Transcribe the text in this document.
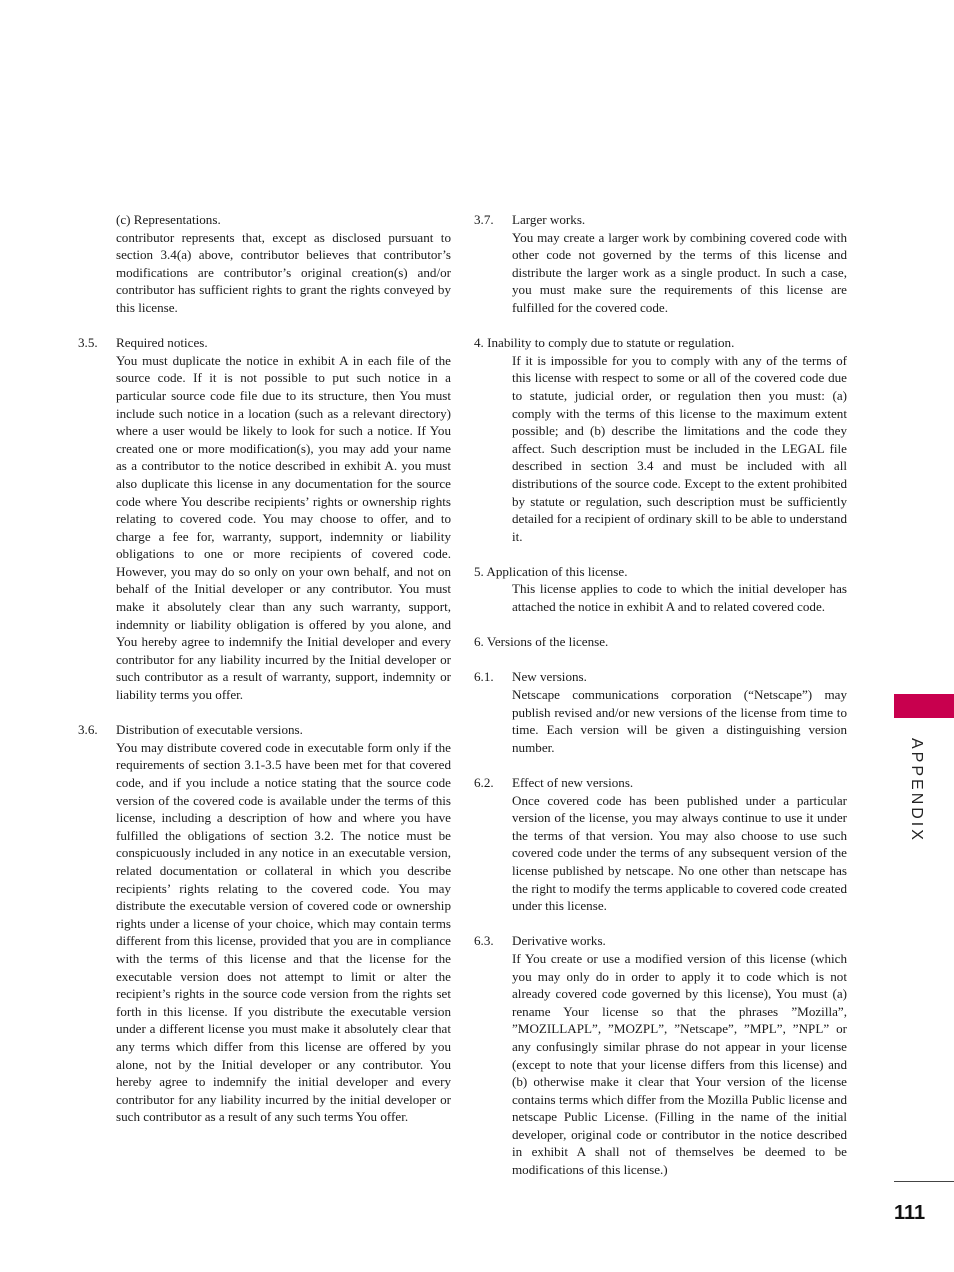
(c) Representations.
contributor represents that, except as disclosed pursuant to section 3.4(a) above, contributor believes that contributor’s modifications are contributor’s original creation(s) and/or contributor has sufficient rights to grant the rights conveyed by this license.
3.5. Required notices.
You must duplicate the notice in exhibit A in each file of the source code. If it is not possible to put such notice in a particular source code file due to its structure, then You must include such notice in a location (such as a relevant directory) where a user would be likely to look for such a notice. If You created one or more modification(s), you may add your name as a contributor to the notice described in exhibit A. you must also duplicate this license in any documentation for the source code where You describe recipients’ rights or ownership rights relating to covered code. You may choose to offer, and to charge a fee for, warranty, support, indemnity or liability obligations to one or more recipients of covered code. However, you may do so only on your own behalf, and not on behalf of the Initial developer or any contributor. You must make it absolutely clear than any such warranty, support, indemnity or liability obligation is offered by you alone, and You hereby agree to indemnify the Initial developer and every contributor for any liability incurred by the Initial developer or such contributor as a result of warranty, support, indemnity or liability terms you offer.
3.6. Distribution of executable versions.
You may distribute covered code in executable form only if the requirements of section 3.1-3.5 have been met for that covered code, and if you include a notice stating that the source code version of the covered code is available under the terms of this license, including a description of how and where you have fulfilled the obligations of section 3.2. The notice must be conspicuously included in any notice in an executable version, related documentation or collateral in which you describe recipients’ rights relating to the covered code. You may distribute the executable version of covered code or ownership rights under a license of your choice, which may contain terms different from this license, provided that you are in compliance with the terms of this license and that the license for the executable version does not attempt to limit or alter the recipient’s rights in the source code version from the rights set forth in this license. If you distribute the executable version under a different license you must make it absolutely clear that any terms which differ from this license are offered by you alone, not by the Initial developer or any contributor. You hereby agree to indemnify the initial developer and every contributor for any liability incurred by the initial developer or such contributor as a result of any such terms You offer.
3.7. Larger works.
You may create a larger work by combining covered code with other code not governed by the terms of this license and distribute the larger work as a single product. In such a case, you must make sure the requirements of this license are fulfilled for the covered code.
4. Inability to comply due to statute or regulation.
If it is impossible for you to comply with any of the terms of this license with respect to some or all of the covered code due to statute, judicial order, or regulation then you must: (a) comply with the terms of this license to the maximum extent possible; and (b) describe the limitations and the code they affect. Such description must be included in the LEGAL file described in section 3.4 and must be included with all distributions of the source code. Except to the extent prohibited by statute or regulation, such description must be sufficiently detailed for a recipient of ordinary skill to be able to understand it.
5. Application of this license.
This license applies to code to which the initial developer has attached the notice in exhibit A and to related covered code.
6. Versions of the license.
6.1. New versions.
Netscape communications corporation (“Netscape”) may publish revised and/or new versions of the license from time to time. Each version will be given a distinguishing version number.
6.2. Effect of new versions.
Once covered code has been published under a particular version of the license, you may always continue to use it under the terms of that version. You may also choose to use such covered code under the terms of any subsequent version of the license published by netscape. No one other than netscape has the right to modify the terms applicable to covered code created under this license.
6.3. Derivative works.
If You create or use a modified version of this license (which you may only do in order to apply it to code which is not already covered code governed by this license), You must (a) rename Your license so that the phrases ”Mozilla”, ”MOZILLAPL”, ”MOZPL”, ”Netscape”, ”MPL”, ”NPL” or any confusingly similar phrase do not appear in your license (except to note that your license differs from this license) and (b) otherwise make it clear that Your version of the license contains terms which differ from the Mozilla Public license and netscape Public License. (Filling in the name of the initial developer, original code or contributor in the notice described in exhibit A shall not of themselves be deemed to be modifications of this license.)
APPENDIX
111
